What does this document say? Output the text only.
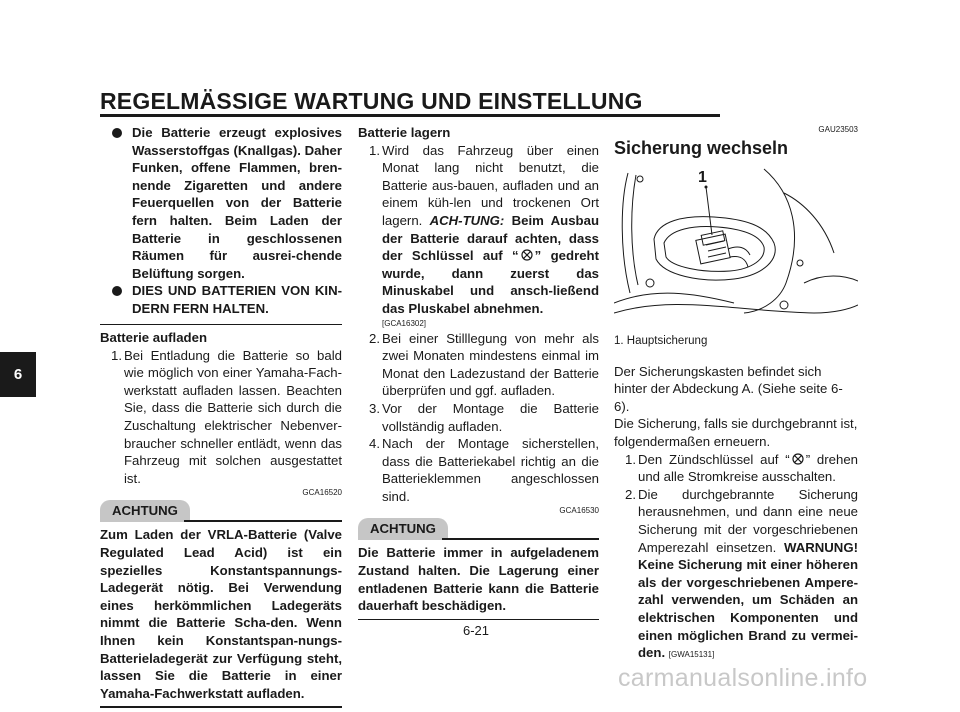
REGELMÄSSIGE WARTUNG UND EINSTELLUNG
6
Die Batterie erzeugt explosives Wasserstoffgas (Knallgas). Daher Funken, offene Flammen, bren-nende Zigaretten und andere Feuerquellen von der Batterie fern halten. Beim Laden der Batterie in geschlossenen Räumen für ausrei-chende Belüftung sorgen.
DIES UND BATTERIEN VON KIN-DERN FERN HALTEN.
Batterie aufladen
1. Bei Entladung die Batterie so bald wie möglich von einer Yamaha-Fach-werkstatt aufladen lassen. Beachten Sie, dass die Batterie sich durch die Zuschaltung elektrischer Nebenver-braucher schneller entlädt, wenn das Fahrzeug mit solchen ausgestattet ist.
GCA16520
ACHTUNG
Zum Laden der VRLA-Batterie (Valve Regulated Lead Acid) ist ein spezielles Konstantspannungs-Ladegerät nötig. Bei Verwendung eines herkömmlichen Ladegeräts nimmt die Batterie Scha-den. Wenn Ihnen kein Konstantspan-nungs-Batterieladegerät zur Verfügung steht, lassen Sie die Batterie in einer Yamaha-Fachwerkstatt aufladen.
Batterie lagern
1. Wird das Fahrzeug über einen Monat lang nicht benutzt, die Batterie aus-bauen, aufladen und an einem küh-len und trockenen Ort lagern. ACH-TUNG: Beim Ausbau der Batterie darauf achten, dass der Schlüssel auf “ ” gedreht wurde, dann zuerst das Minuskabel und ansch-ließend das Pluskabel abnehmen.
[GCA16302]
2. Bei einer Stilllegung von mehr als zwei Monaten mindestens einmal im Monat den Ladezustand der Batterie überprüfen und ggf. aufladen.
3. Vor der Montage die Batterie vollständig aufladen.
4. Nach der Montage sicherstellen, dass die Batteriekabel richtig an die Batterieklemmen angeschlossen sind.
GCA16530
ACHTUNG
Die Batterie immer in aufgeladenem Zustand halten. Die Lagerung einer entladenen Batterie kann die Batterie dauerhaft beschädigen.
GAU23503
Sicherung wechseln
1
1. Hauptsicherung
Der Sicherungskasten befindet sich hinter der Abdeckung A. (Siehe seite 6-6).
Die Sicherung, falls sie durchgebrannt ist, folgendermaßen erneuern.
1. Den Zündschlüssel auf “ ” drehen und alle Stromkreise ausschalten.
2. Die durchgebrannte Sicherung herausnehmen, und dann eine neue Sicherung mit der vorgeschriebenen Amperezahl einsetzen. WARNUNG! Keine Sicherung mit einer höheren als der vorgeschriebenen Ampere-zahl verwenden, um Schäden an elektrischen Komponenten und einen möglichen Brand zu vermei-den. [GWA15131]
6-21
carmanualsonline.info
